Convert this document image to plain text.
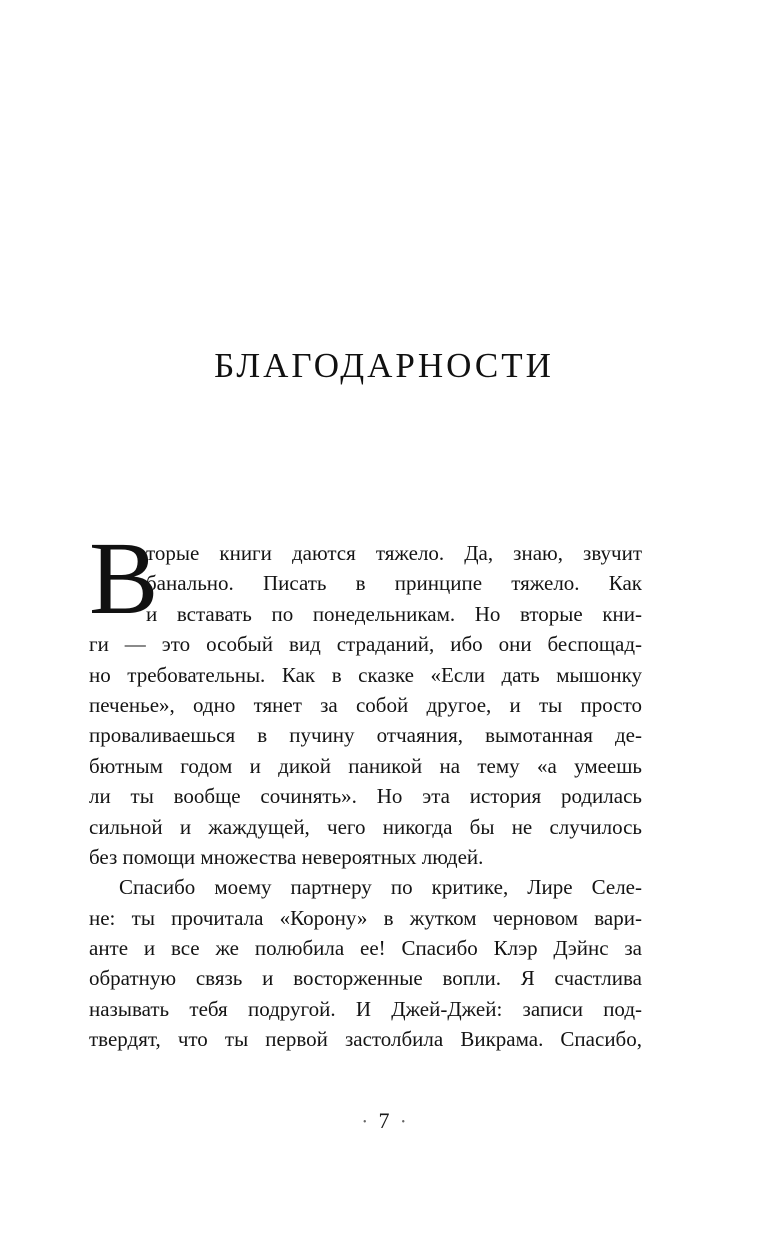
БЛАГОДАРНОСТИ
В
торые книги даются тяжело. Да, знаю, звучит
банально. Писать в принципе тяжело. Как
и вставать по понедельникам. Но вторые кни-
ги — это особый вид страданий, ибо они беспощад-
но требовательны. Как в сказке «Если дать мышонку
печенье», одно тянет за собой другое, и ты просто
проваливаешься в пучину отчаяния, вымотанная де-
бютным годом и дикой паникой на тему «а умеешь
ли ты вообще сочинять». Но эта история родилась
сильной и жаждущей, чего никогда бы не случилось
без помощи множества невероятных людей.
Спасибо моему партнеру по критике, Лире Селе-
не: ты прочитала «Корону» в жутком черновом вари-
анте и все же полюбила ее! Спасибо Клэр Дэйнс за
обратную связь и восторженные вопли. Я счастлива
называть тебя подругой. И Джей-Джей: записи под-
твердят, что ты первой застолбила Викрама. Спасибо,
• 7 •
